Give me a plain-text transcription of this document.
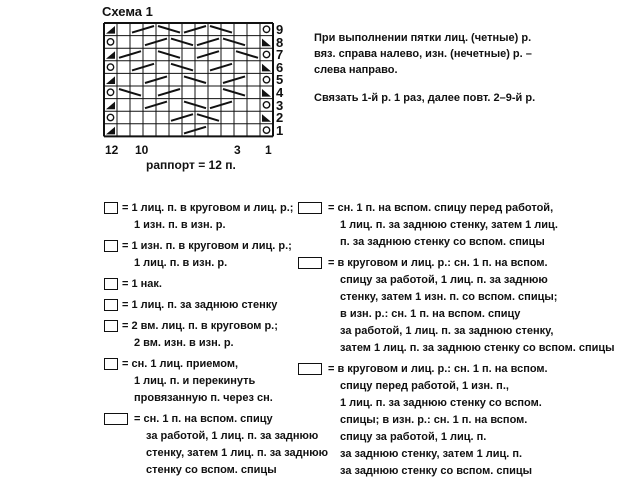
Схема 1
9
8
7
6
5
4
3
2
1
12 10	3 1
раппорт = 12 п.

При выполнении пятки лиц. (четные) р.
вяз. справа налево, изн. (нечетные) р. –
слева направо.

Связать 1-й р. 1 раз, далее повт. 2–9-й р.

= 1 лиц. п. в круговом и лиц. р.;
1 изн. п. в изн. р.
= 1 изн. п. в круговом и лиц. р.;
1 лиц. п. в изн. р.
= 1 нак.
= 1 лиц. п. за заднюю стенку
= 2 вм. лиц. п. в круговом р.;
2 вм. изн. в изн. р.
= сн. 1 лиц. приемом,
1 лиц. п. и перекинуть
провязанную п. через сн.
= сн. 1 п. на вспом. спицу
за работой, 1 лиц. п. за заднюю
стенку, затем 1 лиц. п. за заднюю
стенку со вспом. спицы
= сн. 1 п. на вспом. спицу перед работой,
1 лиц. п. за заднюю стенку, затем 1 лиц.
п. за заднюю стенку со вспом. спицы
= в круговом и лиц. р.: сн. 1 п. на вспом.
спицу за работой, 1 лиц. п. за заднюю
стенку, затем 1 изн. п. со вспом. спицы;
в изн. р.: сн. 1 п. на вспом. спицу
за работой, 1 лиц. п. за заднюю стенку,
затем 1 лиц. п. за заднюю стенку со вспом. спицы
= в круговом и лиц. р.: сн. 1 п. на вспом.
спицу перед работой, 1 изн. п.,
1 лиц. п. за заднюю стенку со вспом.
спицы; в изн. р.: сн. 1 п. на вспом.
спицу за работой, 1 лиц. п.
за заднюю стенку, затем 1 лиц. п.
за заднюю стенку со вспом. спицы
